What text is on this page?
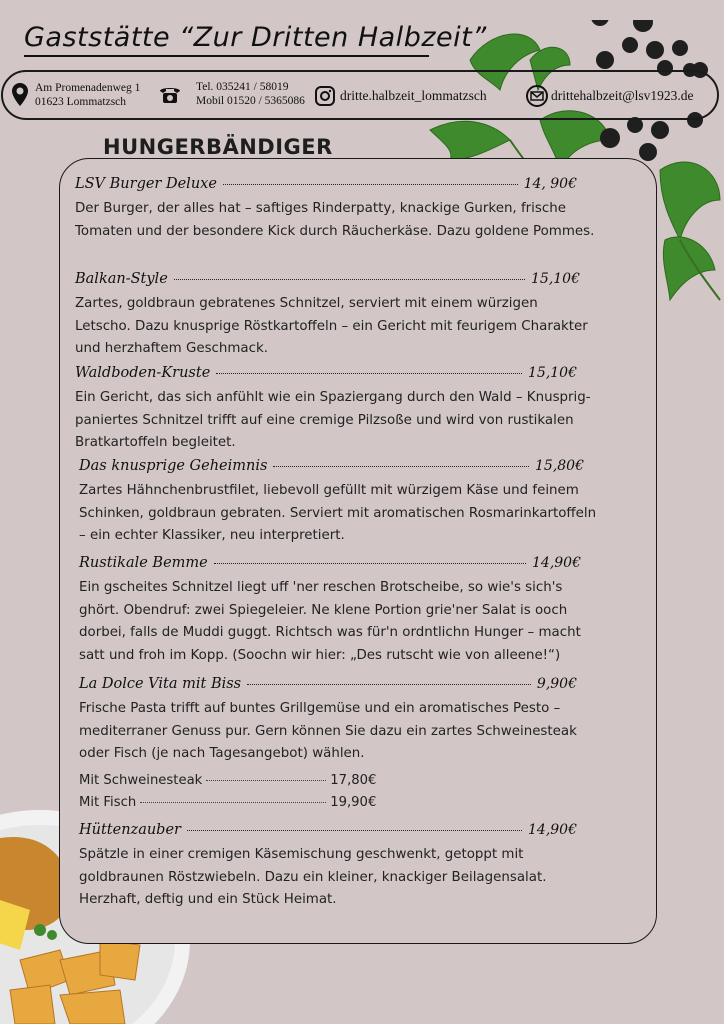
Gaststätte “Zur Dritten Halbzeit”
Am Promenadenweg 1
01623 Lommatzsch
Tel. 035241 / 58019
Mobil 01520 / 5365086	dritte.halbzeit_lommatzsch	drittehalbzeit@lsv1923.de
HUNGERBÄNDIGER
LSV Burger Deluxe	14, 90€
Der Burger, der alles hat – saftiges Rinderpatty, knackige Gurken, frische Tomaten und der besondere Kick durch Räucherkäse. Dazu goldene Pommes.
Balkan-Style	15,10€
Zartes, goldbraun gebratenes Schnitzel, serviert mit einem würzigen Letscho. Dazu knusprige Röstkartoffeln – ein Gericht mit feurigem Charakter und herzhaftem Geschmack.
Waldboden-Kruste	15,10€
Ein Gericht, das sich anfühlt wie ein Spaziergang durch den Wald – Knusprig-paniertes Schnitzel trifft auf eine cremige Pilzsoße und wird von rustikalen Bratkartoffeln begleitet.
Das knusprige Geheimnis	15,80€
Zartes Hähnchenbrustfilet, liebevoll gefüllt mit würzigem Käse und feinem Schinken, goldbraun gebraten. Serviert mit aromatischen Rosmarinkartoffeln – ein echter Klassiker, neu interpretiert.
Rustikale Bemme	14,90€
Ein gscheites Schnitzel liegt uff 'ner reschen Brotscheibe, so wie's sich's ghört. Obendruf: zwei Spiegeleier. Ne klene Portion grie'ner Salat is ooch dorbei, falls de Muddi guggt. Richtsch was für'n ordntlichn Hunger – macht satt und froh im Kopp. (Soochn wir hier: „Des rutscht wie von alleene!“)
La Dolce Vita mit Biss	9,90€
Frische Pasta trifft auf buntes Grillgemüse und ein aromatisches Pesto – mediterraner Genuss pur. Gern können Sie dazu ein zartes Schweinesteak oder Fisch (je nach Tagesangebot) wählen.
Mit Schweinesteak	17,80€
Mit Fisch	19,90€
Hüttenzauber	14,90€
Spätzle in einer cremigen Käsemischung geschwenkt, getoppt mit goldbraunen Röstzwiebeln. Dazu ein kleiner, knackiger Beilagensalat. Herzhaft, deftig und ein Stück Heimat.
